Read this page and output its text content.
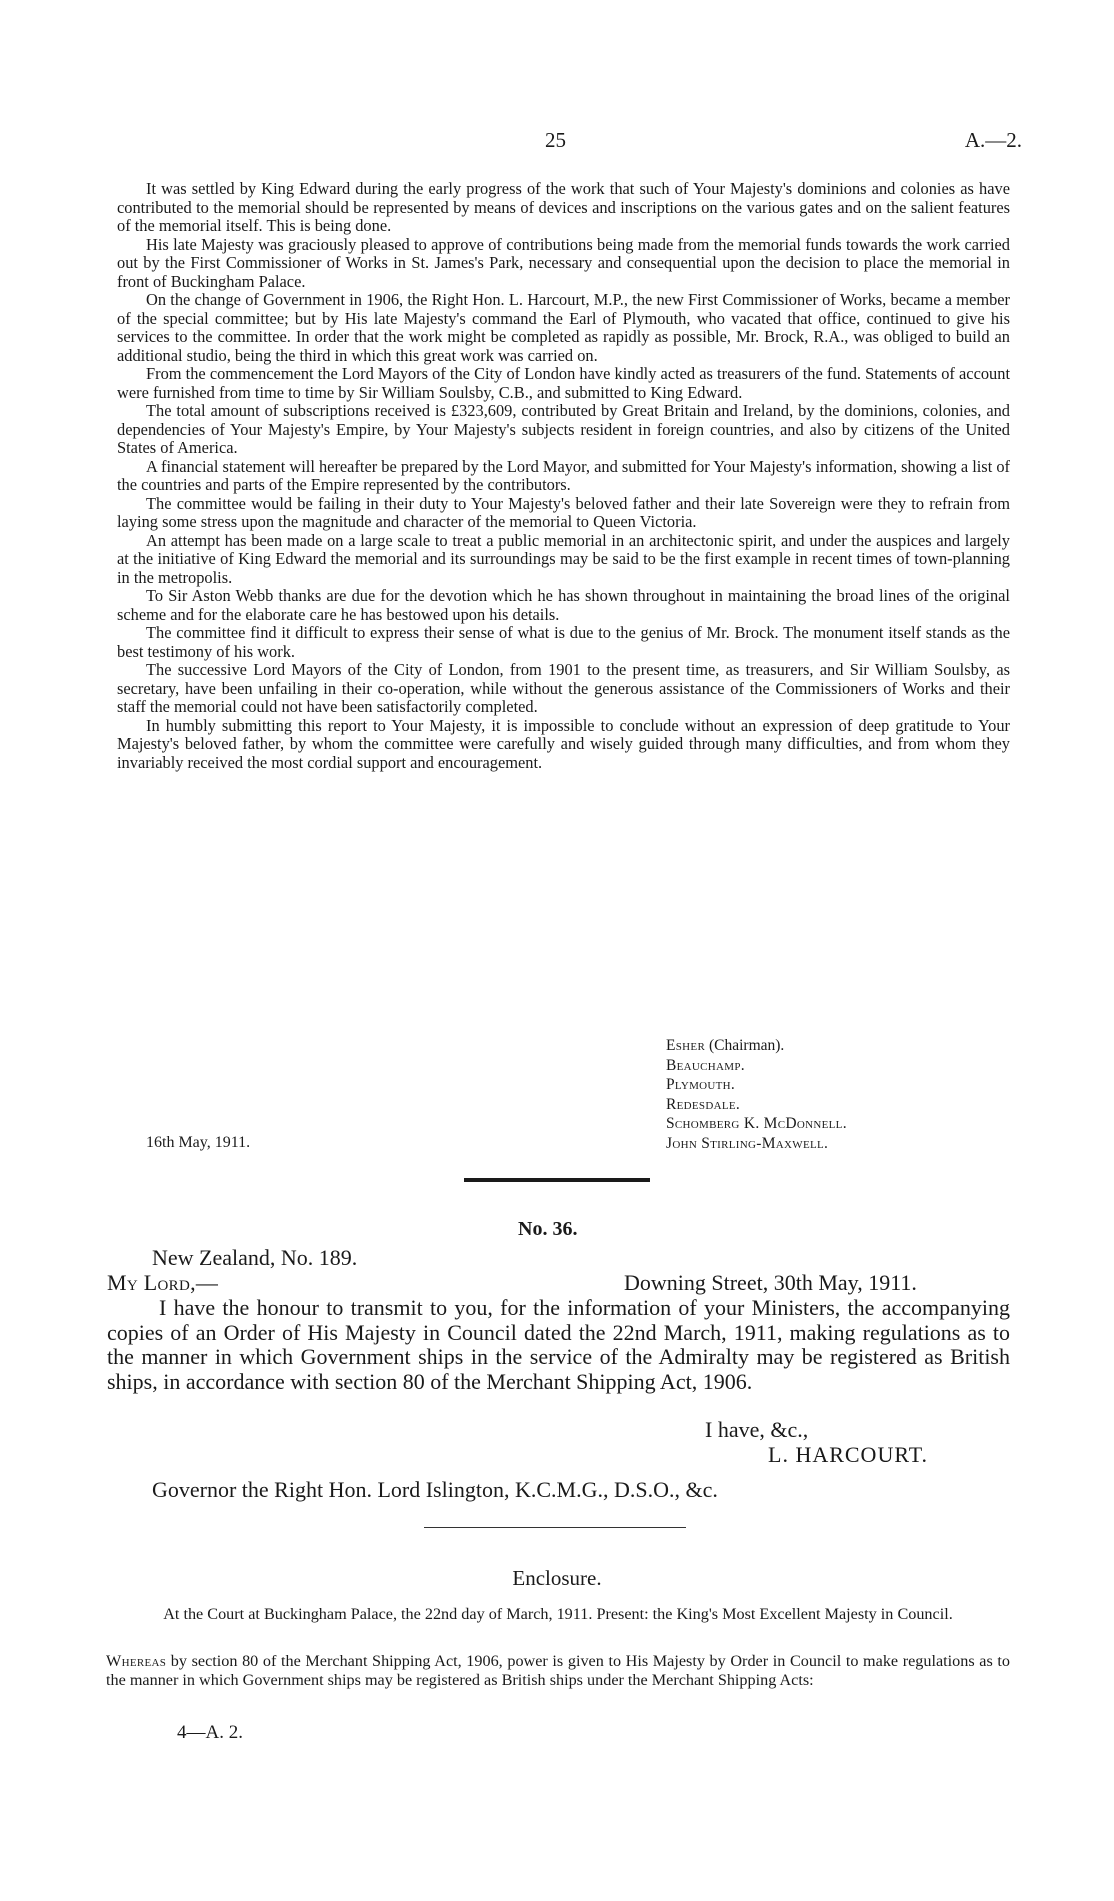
25	A.—2.

It was settled by King Edward during the early progress of the work that such of Your Majesty's dominions and colonies as have contributed to the memorial should be represented by means of devices and inscriptions on the various gates and on the salient features of the memorial itself. This is being done.

His late Majesty was graciously pleased to approve of contributions being made from the memorial funds towards the work carried out by the First Commissioner of Works in St. James's Park, necessary and consequential upon the decision to place the memorial in front of Buckingham Palace.

On the change of Government in 1906, the Right Hon. L. Harcourt, M.P., the new First Commissioner of Works, became a member of the special committee; but by His late Majesty's command the Earl of Plymouth, who vacated that office, continued to give his services to the committee. In order that the work might be completed as rapidly as possible, Mr. Brock, R.A., was obliged to build an additional studio, being the third in which this great work was carried on.

From the commencement the Lord Mayors of the City of London have kindly acted as treasurers of the fund. Statements of account were furnished from time to time by Sir William Soulsby, C.B., and submitted to King Edward.

The total amount of subscriptions received is £323,609, contributed by Great Britain and Ireland, by the dominions, colonies, and dependencies of Your Majesty's Empire, by Your Majesty's subjects resident in foreign countries, and also by citizens of the United States of America.

A financial statement will hereafter be prepared by the Lord Mayor, and submitted for Your Majesty's information, showing a list of the countries and parts of the Empire represented by the contributors.

The committee would be failing in their duty to Your Majesty's beloved father and their late Sovereign were they to refrain from laying some stress upon the magnitude and character of the memorial to Queen Victoria.

An attempt has been made on a large scale to treat a public memorial in an architectonic spirit, and under the auspices and largely at the initiative of King Edward the memorial and its surroundings may be said to be the first example in recent times of town-planning in the metropolis.

To Sir Aston Webb thanks are due for the devotion which he has shown throughout in maintaining the broad lines of the original scheme and for the elaborate care he has bestowed upon his details.

The committee find it difficult to express their sense of what is due to the genius of Mr. Brock. The monument itself stands as the best testimony of his work.

The successive Lord Mayors of the City of London, from 1901 to the present time, as treasurers, and Sir William Soulsby, as secretary, have been unfailing in their co-operation, while without the generous assistance of the Commissioners of Works and their staff the memorial could not have been satisfactorily completed.

In humbly submitting this report to Your Majesty, it is impossible to conclude without an expression of deep gratitude to Your Majesty's beloved father, by whom the committee were carefully and wisely guided through many difficulties, and from whom they invariably received the most cordial support and encouragement.

Esher (Chairman).
Beauchamp.
Plymouth.
Redesdale.
Schomberg K. McDonnell.
John Stirling-Maxwell.
16th May, 1911.
No. 36.
New Zealand, No. 189.
My Lord,—	Downing Street, 30th May, 1911.

I have the honour to transmit to you, for the information of your Ministers, the accompanying copies of an Order of His Majesty in Council dated the 22nd March, 1911, making regulations as to the manner in which Government ships in the service of the Admiralty may be registered as British ships, in accordance with section 80 of the Merchant Shipping Act, 1906.

I have, &c.,
L. HARCOURT.
Governor the Right Hon. Lord Islington, K.C.M.G., D.S.O., &c.
Enclosure.
At the Court at Buckingham Palace, the 22nd day of March, 1911. Present: the King's Most Excellent Majesty in Council.

Whereas by section 80 of the Merchant Shipping Act, 1906, power is given to His Majesty by Order in Council to make regulations as to the manner in which Government ships may be registered as British ships under the Merchant Shipping Acts:

4—A. 2.
